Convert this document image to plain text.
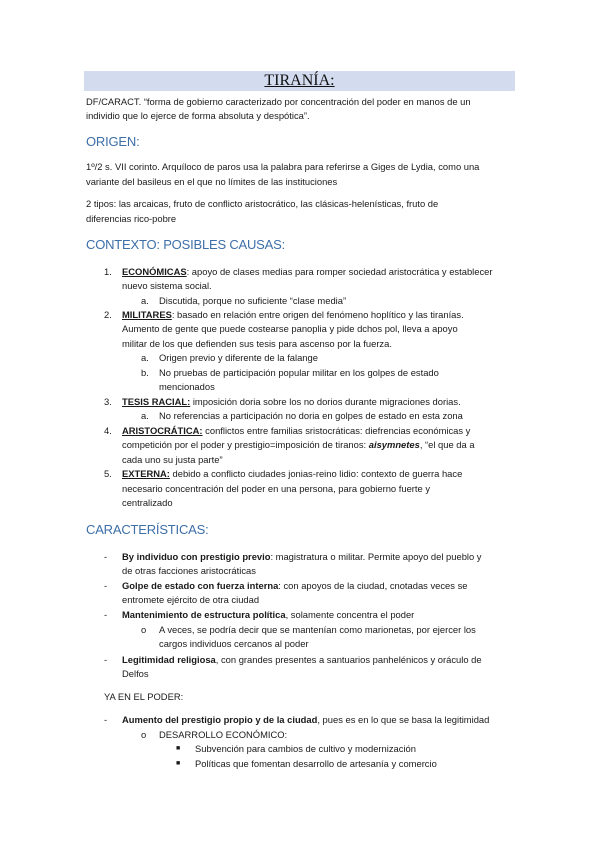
TIRANÍA:
DF/CARACT. “forma de gobierno caracterizado por concentración del poder en manos de un
individio que lo ejerce de forma absoluta y despótica”.
ORIGEN:
1º/2 s. VII corinto. Arquíloco de paros usa la palabra para referirse a Giges de Lydia, como una
variante del basileus en el que no límites de las instituciones
2 tipos: las arcaicas, fruto de conflicto aristocrático, las clásicas-helenísticas, fruto de
diferencias rico-pobre
CONTEXTO: POSIBLES CAUSAS:
1. ECONÓMICAS: apoyo de clases medias para romper sociedad aristocrática y establecer
nuevo sistema social.
a. Discutida, porque no suficiente “clase media”
2. MILITARES: basado en relación entre origen del fenómeno hoplítico y las tiranías.
Aumento de gente que puede costearse panoplia y pide dchos pol, lleva a apoyo
militar de los que defienden sus tesis para ascenso por la fuerza.
a. Origen previo y diferente de la falange
b. No pruebas de participación popular militar en los golpes de estado
mencionados
3. TESIS RACIAL: imposición doria sobre los no dorios durante migraciones dorias.
a. No referencias a participación no doria en golpes de estado en esta zona
4. ARISTOCRÁTICA: conflictos entre familias sristocráticas: diefrencias económicas y
competición por el poder y prestigio=imposición de tiranos: aisymnetes, “el que da a
cada uno su justa parte”
5. EXTERNA: debido a conflicto ciudades jonias-reino lidio: contexto de guerra hace
necesario concentración del poder en una persona, para gobierno fuerte y
centralizado
CARACTERÍSTICAS:
- By individuo con prestigio previo: magistratura o militar. Permite apoyo del pueblo y
de otras facciones aristocráticas
- Golpe de estado con fuerza interna: con apoyos de la ciudad, cnotadas veces se
entromete ejército de otra ciudad
- Mantenimiento de estructura política, solamente concentra el poder
o A veces, se podría decir que se mantenían como marionetas, por ejercer los
cargos individuos cercanos al poder
- Legitimidad religiosa, con grandes presentes a santuarios panhelénicos y oráculo de
Delfos
YA EN EL PODER:
- Aumento del prestigio propio y de la ciudad, pues es en lo que se basa la legitimidad
o DESARROLLO ECONÓMICO:
■ Subvención para cambios de cultivo y modernización
■ Políticas que fomentan desarrollo de artesanía y comercio
